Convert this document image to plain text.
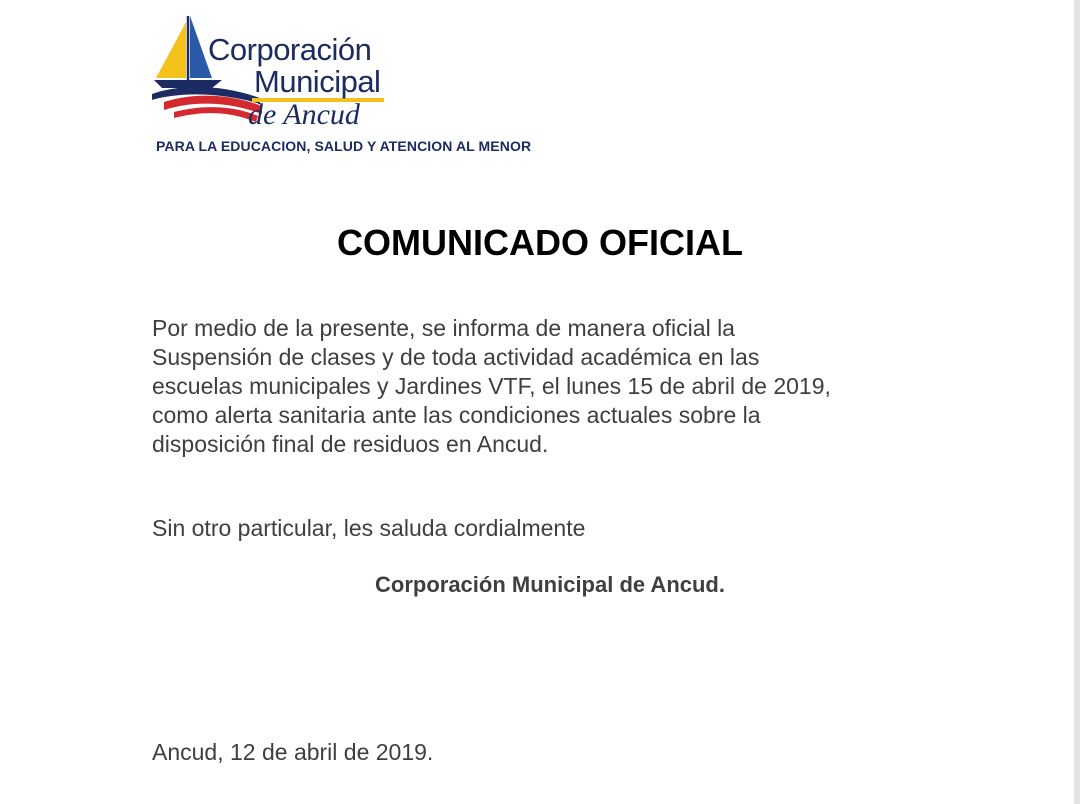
Corporación
Municipal
de Ancud
PARA LA EDUCACION, SALUD Y ATENCION AL MENOR
COMUNICADO OFICIAL

Por medio de la presente, se informa de manera oficial la
Suspensión de clases y de toda actividad académica en las
escuelas municipales y Jardines VTF, el lunes 15 de abril de 2019,
como alerta sanitaria ante las condiciones actuales sobre la
disposición final de residuos en Ancud.

Sin otro particular, les saluda cordialmente
Corporación Municipal de Ancud.
Ancud, 12 de abril de 2019.
